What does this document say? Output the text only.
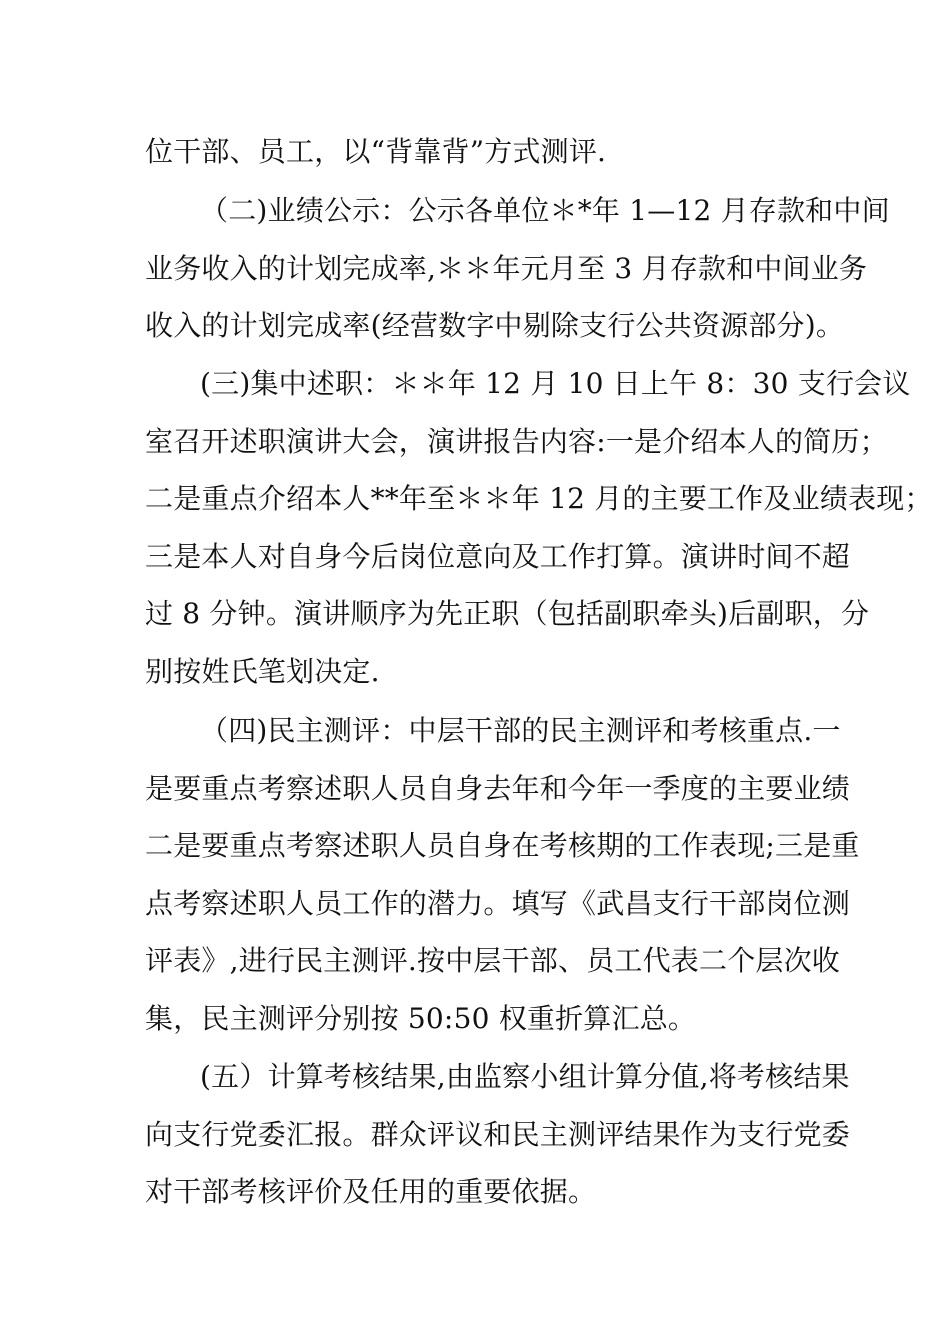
位干部、员工，以“背靠背”方式测评.
（二)业绩公示：公示各单位＊*年 1—12 月存款和中间
业务收入的计划完成率,＊＊年元月至 3 月存款和中间业务
收入的计划完成率(经营数字中剔除支行公共资源部分)。
(三)集中述职：＊＊年 12 月 10 日上午 8：30 支行会议
室召开述职演讲大会，演讲报告内容:一是介绍本人的简历；
二是重点介绍本人**年至＊＊年 12 月的主要工作及业绩表现；
三是本人对自身今后岗位意向及工作打算。演讲时间不超
过 8 分钟。演讲顺序为先正职（包括副职牵头)后副职，分
别按姓氏笔划决定.
（四)民主测评：中层干部的民主测评和考核重点.一
是要重点考察述职人员自身去年和今年一季度的主要业绩
二是要重点考察述职人员自身在考核期的工作表现;三是重
点考察述职人员工作的潜力。填写《武昌支行干部岗位测
评表》,进行民主测评.按中层干部、员工代表二个层次收
集，民主测评分别按 50:50 权重折算汇总。
(五）计算考核结果,由监察小组计算分值,将考核结果
向支行党委汇报。群众评议和民主测评结果作为支行党委
对干部考核评价及任用的重要依据。
